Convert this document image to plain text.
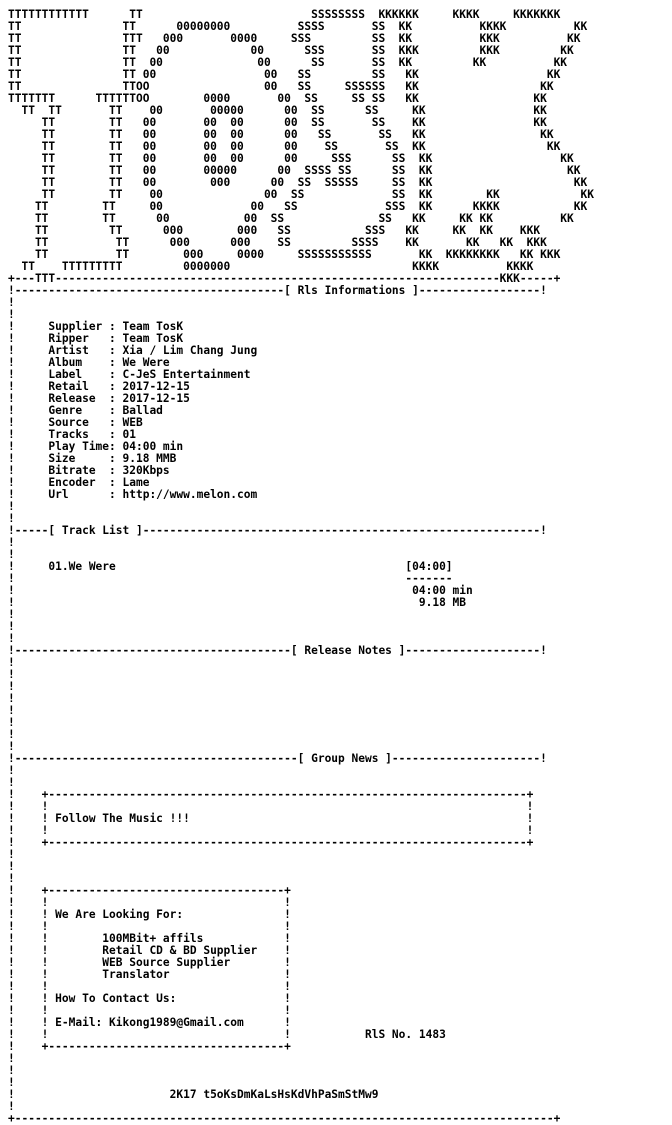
TTTTTTTTTTTT      TT                         SSSSSSSS  KKKKKK     KKKK     KKKKKKK
TT               TT      00000000          SSSS       SS  KK          KKKK          KK
TT               TTT   000       0000     SSS         SS  KK          KKK          KK
TT               TT   00            00      SSS       SS  KKK         KKK         KK
TT               TT  00              00      SS       SS  KK         KK          KK
TT               TT 00                00   SS         SS   KK                   KK
TT               TTOO                 00   SS     SSSSSS   KK                  KK
TTTTTTT      TTTTTTOO        0000       00  SS     SS SS   KK                 KK
TT  TT       TT    00       00000      00  SS      SS     KK                KK
TT        TT   00       00  00      00  SS       SS    KK                KK
TT        TT   00       00  00      00   SS       SS   KK                 KK
TT        TT   00       00  00      00    SS       SS  KK                  KK
TT        TT   00       00  00      00     SSS      SS  KK                   KK
TT        TT   00       00000      00  SSSS SS      SS  KK                    KK
TT        TT   00        000      00  SS  SSSSS     SS  KK                     KK
TT        TT    00               00  SS             SS  KK        KK            KK
TT        TT     00             00   SS             SSS  KK      KKKK           KK
TT        TT      00           00  SS              SS   KK     KK KK          KK
TT         TT      000        000   SS           SSS   KK     KK  KK    KKK
TT          TT      000      000    SS         SSSS    KK       KK   KK  KKK
TT          TT        000     0000     SSSSSSSSSSS       KK  KKKKKKKK   KK KKK
TT    TTTTTTTTT         0000000                           KKKK          KKKK
+---TTT------------------------------------------------------------------KKK-----+
!----------------------------------------[ Rls Informations ]------------------!
!
!
!     Supplier : Team TosK
!     Ripper   : Team TosK
!     Artist   : Xia / Lim Chang Jung
!     Album    : We Were
!     Label    : C-JeS Entertainment
!     Retail   : 2017-12-15
!     Release  : 2017-12-15
!     Genre    : Ballad
!     Source   : WEB
!     Tracks   : 01
!     Play Time: 04:00 min
!     Size     : 9.18 MMB
!     Bitrate  : 320Kbps
!     Encoder  : Lame
!     Url      : http://www.melon.com
!
!
!-----[ Track List ]-----------------------------------------------------------!
!
!
!     01.We Were                                           [04:00]
!                                                          -------
!                                                           04:00 min
!                                                            9.18 MB
!
!
!
!-----------------------------------------[ Release Notes ]--------------------!
!
!
!
!
!
!
!
!
!------------------------------------------[ Group News ]----------------------!
!
!
!    +-----------------------------------------------------------------------+
!    !                                                                       !
!    ! Follow The Music !!!                                                  !
!    !                                                                       !
!    +-----------------------------------------------------------------------+
!
!
!
!    +-----------------------------------+
!    !                                   !
!    ! We Are Looking For:               !
!    !                                   !
!    !        100MBit+ affils            !
!    !        Retail CD & BD Supplier    !
!    !        WEB Source Supplier        !
!    !        Translator                 !
!    !                                   !
!    ! How To Contact Us:                !
!    !                                   !
!    ! E-Mail: Kikong1989@Gmail.com      !
!    !                                   !           RlS No. 1483
!    +-----------------------------------+
!
!
!
!                       2K17 t5oKsDmKaLsHsKdVhPaSmStMw9
!
+--------------------------------------------------------------------------------+
